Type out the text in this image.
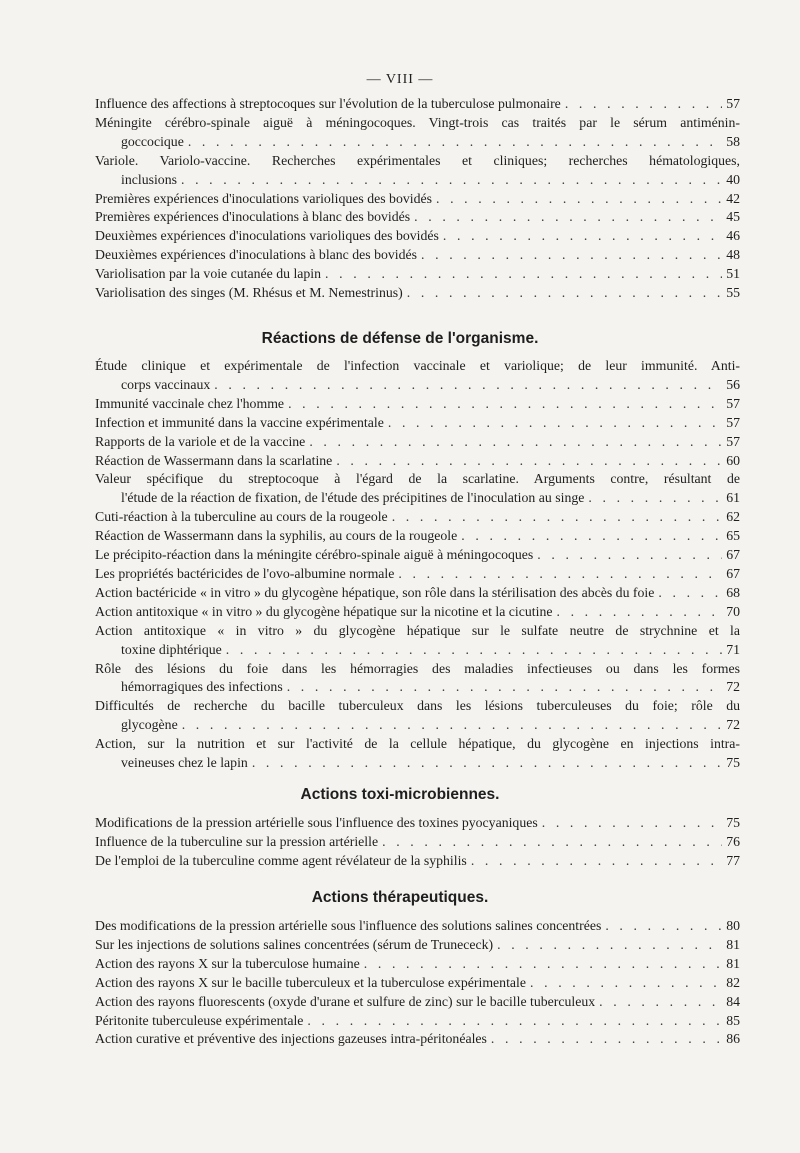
— VIII —
Influence des affections à streptocoques sur l'évolution de la tuberculose pulmonaire . . .	57
Méningite cérébro-spinale aiguë à méningocoques. Vingt-trois cas traités par le sérum antiménin-
goccocique . . .	58
Variole. Variolo-vaccine. Recherches expérimentales et cliniques; recherches hématologiques,
inclusions . . .	40
Premières expériences d'inoculations varioliques des bovidés . . .	42
Premières expériences d'inoculations à blanc des bovidés . . .	45
Deuxièmes expériences d'inoculations varioliques des bovidés . . .	46
Deuxièmes expériences d'inoculations à blanc des bovidés . . .	48
Variolisation par la voie cutanée du lapin . . .	51
Variolisation des singes (M. Rhésus et M. Nemestrinus) . . .	55
Réactions de défense de l'organisme.
Étude clinique et expérimentale de l'infection vaccinale et variolique; de leur immunité. Anti-
corps vaccinaux . . .	56
Immunité vaccinale chez l'homme . . .	57
Infection et immunité dans la vaccine expérimentale . . .	57
Rapports de la variole et de la vaccine . . .	57
Réaction de Wassermann dans la scarlatine . . .	60
Valeur spécifique du streptocoque à l'égard de la scarlatine. Arguments contre, résultant de
l'étude de la réaction de fixation, de l'étude des précipitines de l'inoculation au singe . . .	61
Cuti-réaction à la tuberculine au cours de la rougeole . . .	62
Réaction de Wassermann dans la syphilis, au cours de la rougeole . . .	65
Le précipito-réaction dans la méningite cérébro-spinale aiguë à méningocoques . . .	67
Les propriétés bactéricides de l'ovo-albumine normale . . .	67
Action bactéricide « in vitro » du glycogène hépatique, son rôle dans la stérilisation des abcès du foie . . .	68
Action antitoxique « in vitro » du glycogène hépatique sur la nicotine et la cicutine . . .	70
Action antitoxique « in vitro » du glycogène hépatique sur le sulfate neutre de strychnine et la
toxine diphtérique . . .	71
Rôle des lésions du foie dans les hémorragies des maladies infectieuses ou dans les formes
hémorragiques des infections . . .	72
Difficultés de recherche du bacille tuberculeux dans les lésions tuberculeuses du foie; rôle du
glycogène . . .	72
Action, sur la nutrition et sur l'activité de la cellule hépatique, du glycogène en injections intra-
veineuses chez le lapin . . .	75
Actions toxi-microbiennes.
Modifications de la pression artérielle sous l'influence des toxines pyocyaniques . . .	75
Influence de la tuberculine sur la pression artérielle . . .	76
De l'emploi de la tuberculine comme agent révélateur de la syphilis . . .	77
Actions thérapeutiques.
Des modifications de la pression artérielle sous l'influence des solutions salines concentrées . . .	80
Sur les injections de solutions salines concentrées (sérum de Trunececk) . . .	81
Action des rayons X sur la tuberculose humaine . . .	81
Action des rayons X sur le bacille tuberculeux et la tuberculose expérimentale . . .	82
Action des rayons fluorescents (oxyde d'urane et sulfure de zinc) sur le bacille tuberculeux . . .	84
Péritonite tuberculeuse expérimentale . . .	85
Action curative et préventive des injections gazeuses intra-péritonéales . . .	86
